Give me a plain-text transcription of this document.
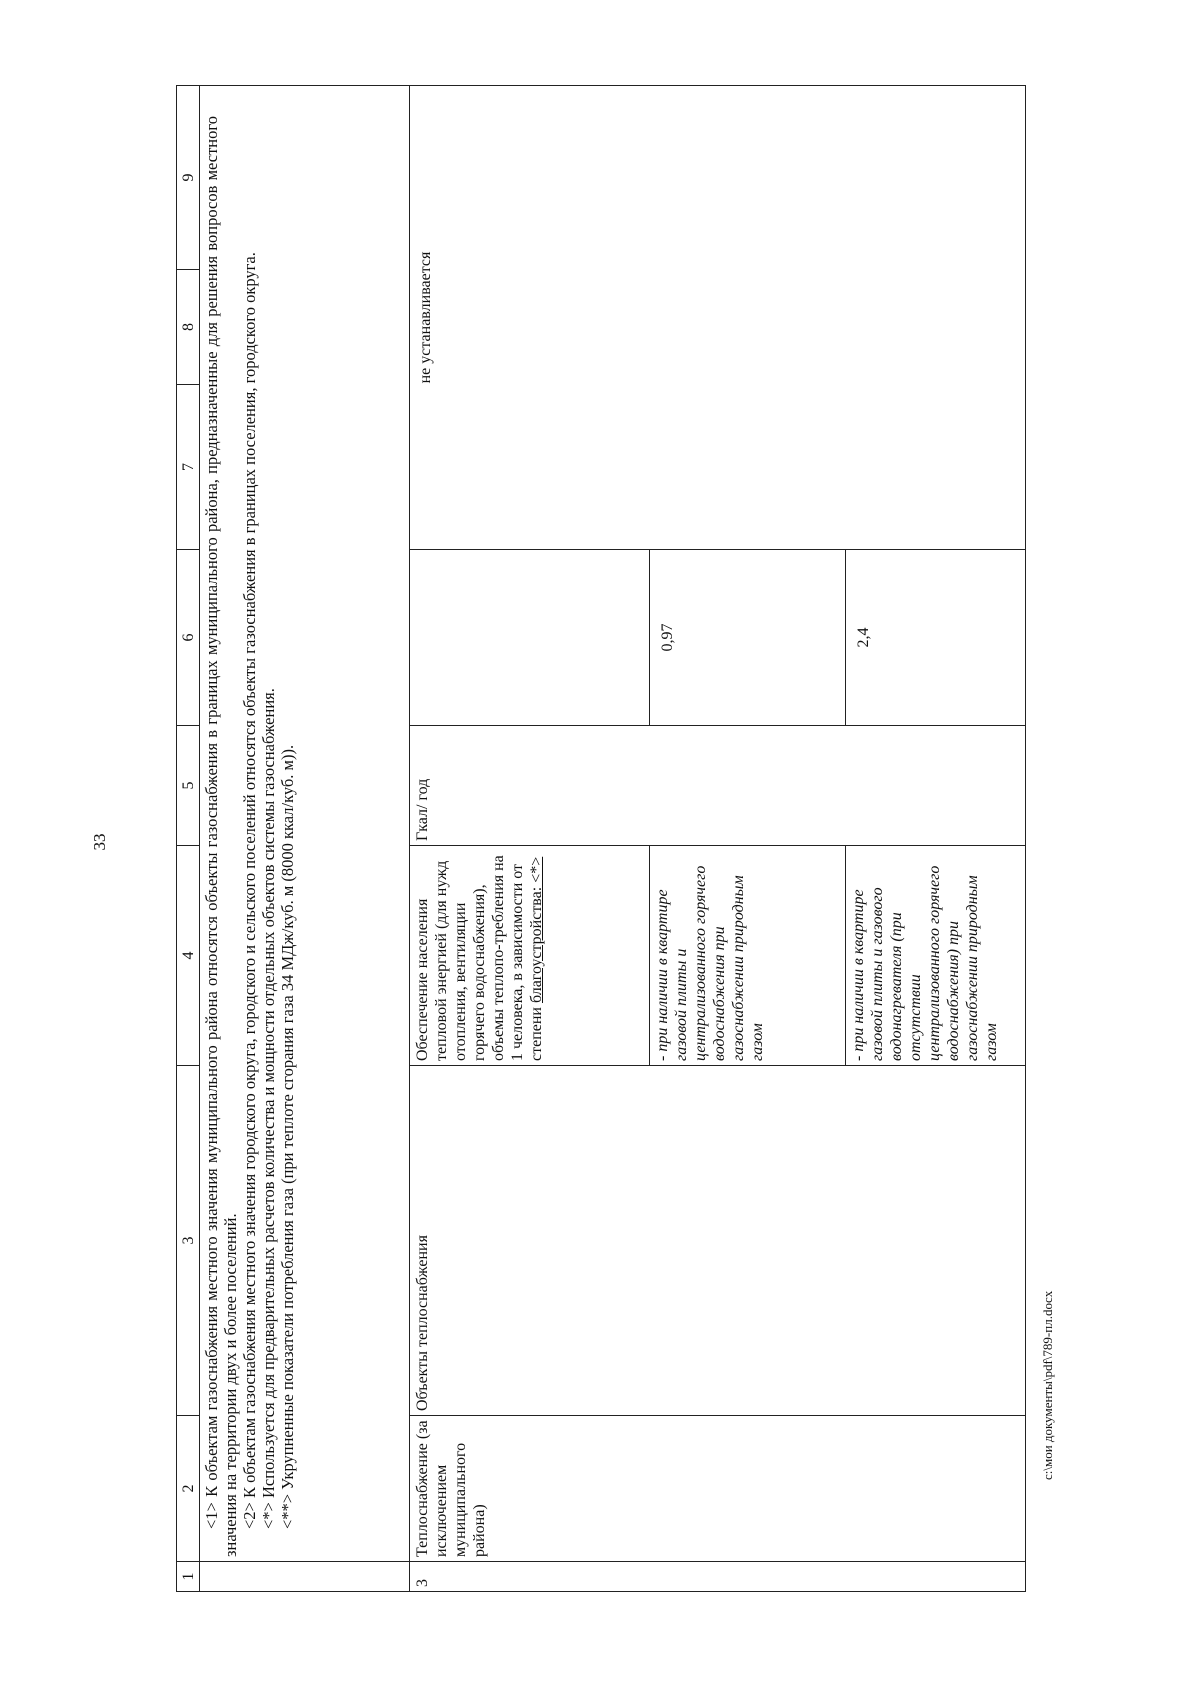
33
1	2	3	4	5	6	7	8	9

	<1> К объектам газоснабжения местного значения муниципального района относятся объекты газоснабжения в границах муниципального района, предназначенные для решения вопросов местного значения на территории двух и более поселений. <2> К объектам газоснабжения местного значения городского округа, городского и сельского поселений относятся объекты газоснабжения в границах поселения, городского округа. <*> Используется для предварительных расчетов количества и мощности отдельных объектов системы газоснабжения. <**> Укрупненные показатели потребления газа (при теплоте сгорания газа 34 МДж/куб. м (8000 ккал/куб. м)).							

3	Теплоснабжение (за исключением муниципального района)	Объекты теплоснабжения	Обеспечение населения тепловой энергией (для нужд отопления, вентиляции горячего водоснабжения), объемы теплопо-требления на 1 человека, в зависимости от степени благоустройства: <*>	Гкал/ год		не устанавливается		
			- при наличии в квартире газовой плиты и централизованного горячего водоснабжения при газоснабжении природным газом		0,97			
			- при наличии в квартире газовой плиты и газового водонагревателя (при отсутствии централизованного горячего водоснабжения) при газоснабжении природным газом		2,4			
c:\мои документы\pdf\789-пл.docx
